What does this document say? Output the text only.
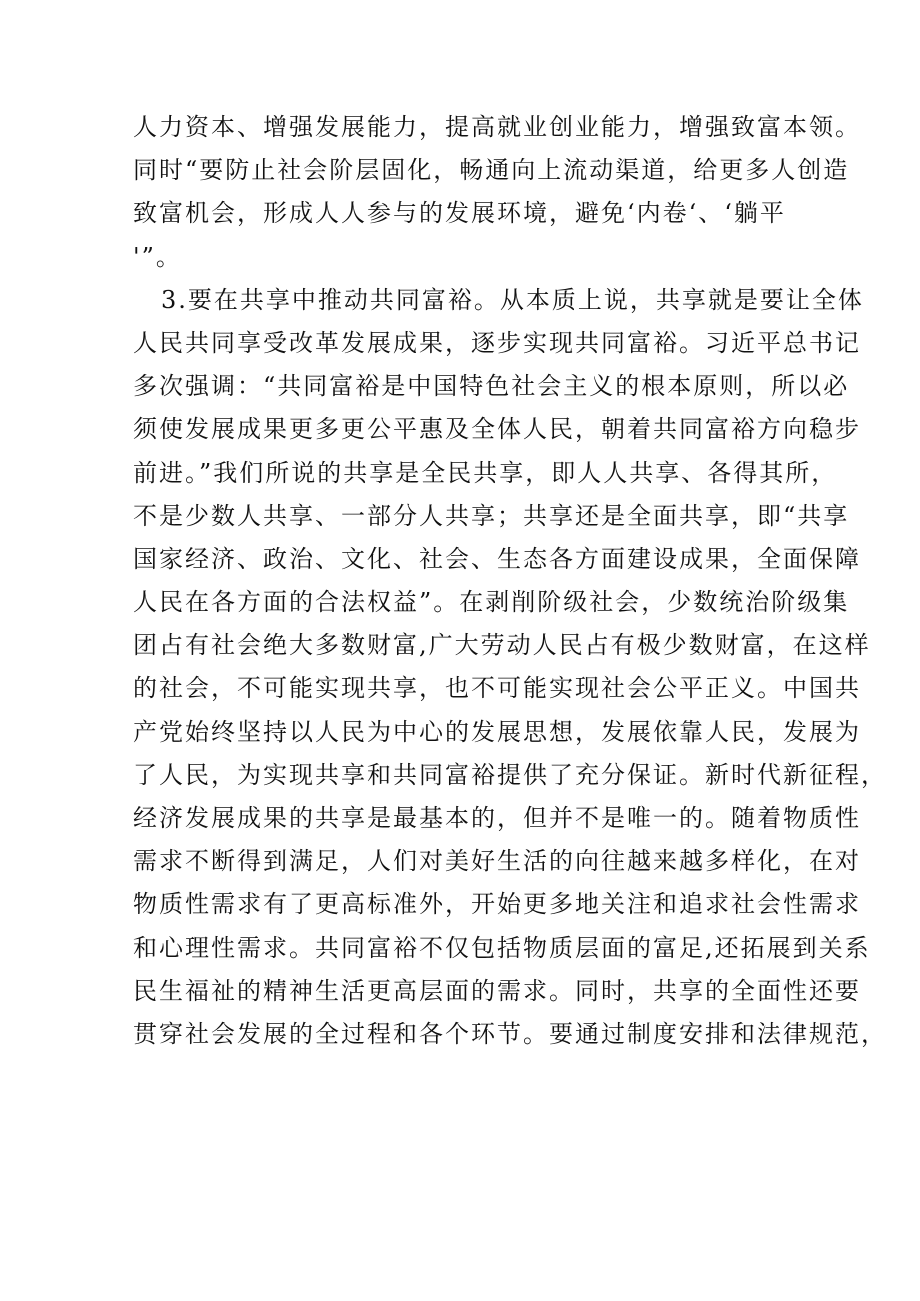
人力资本、增强发展能力，提高就业创业能力，增强致富本领。
同时“要防止社会阶层固化，畅通向上流动渠道，给更多人创造
致富机会，形成人人参与的发展环境，避免‘内卷‘、‘躺平
'”。
3.要在共享中推动共同富裕。从本质上说，共享就是要让全体
人民共同享受改革发展成果，逐步实现共同富裕。习近平总书记
多次强调：“共同富裕是中国特色社会主义的根本原则，所以必
须使发展成果更多更公平惠及全体人民，朝着共同富裕方向稳步
前进。”我们所说的共享是全民共享，即人人共享、各得其所，
不是少数人共享、一部分人共享；共享还是全面共享，即“共享
国家经济、政治、文化、社会、生态各方面建设成果，全面保障
人民在各方面的合法权益”。在剥削阶级社会，少数统治阶级集
团占有社会绝大多数财富,广大劳动人民占有极少数财富，在这样
的社会，不可能实现共享，也不可能实现社会公平正义。中国共
产党始终坚持以人民为中心的发展思想，发展依靠人民，发展为
了人民，为实现共享和共同富裕提供了充分保证。新时代新征程，
经济发展成果的共享是最基本的，但并不是唯一的。随着物质性
需求不断得到满足，人们对美好生活的向往越来越多样化，在对
物质性需求有了更高标准外，开始更多地关注和追求社会性需求
和心理性需求。共同富裕不仅包括物质层面的富足,还拓展到关系
民生福祉的精神生活更高层面的需求。同时，共享的全面性还要
贯穿社会发展的全过程和各个环节。要通过制度安排和法律规范，
